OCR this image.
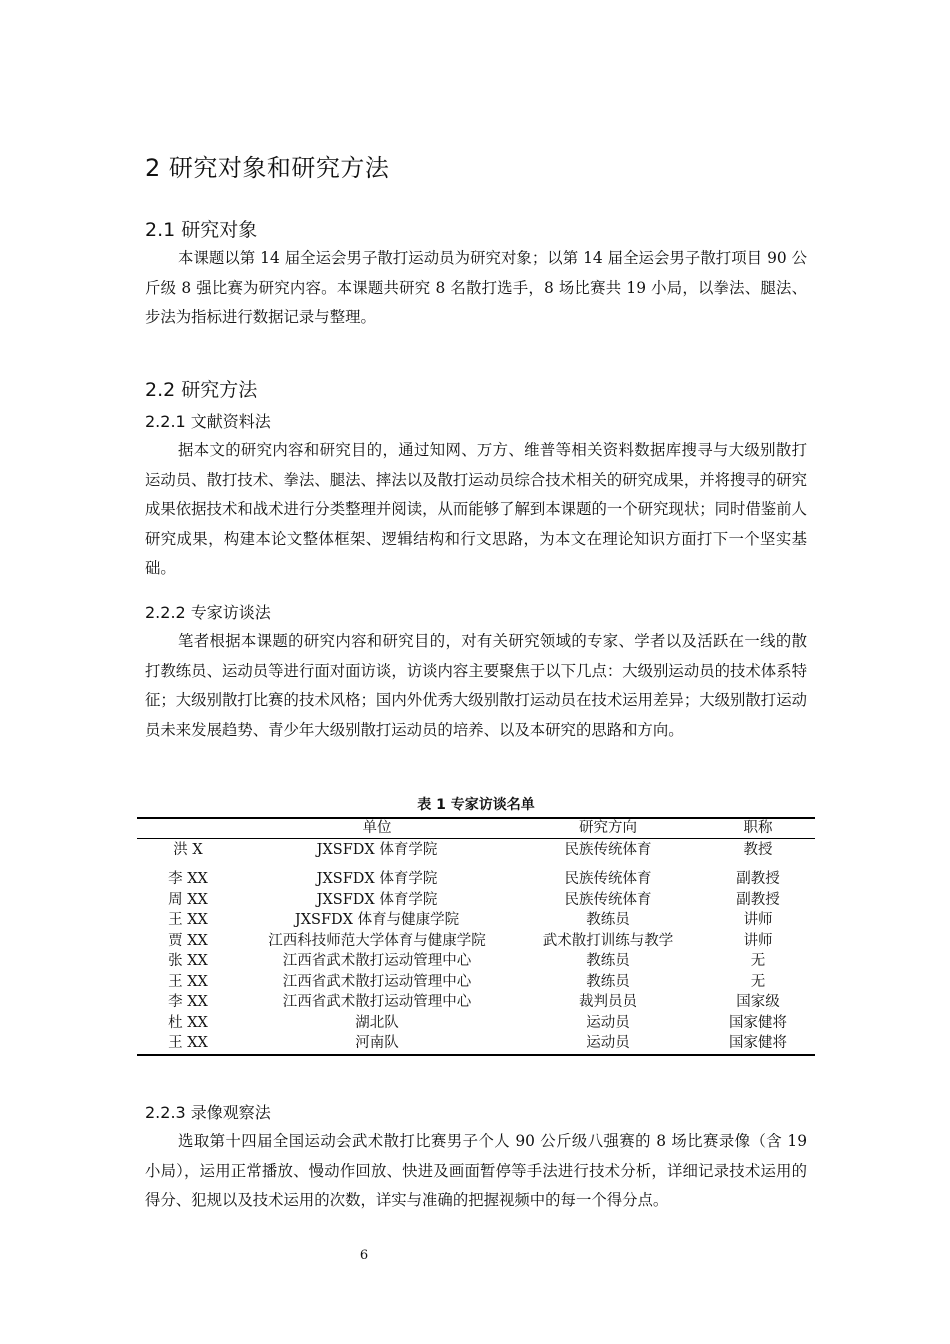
2 研究对象和研究方法
2.1 研究对象

本课题以第 14 届全运会男子散打运动员为研究对象；以第 14 届全运会男子散打项目 90 公斤级 8 强比赛为研究内容。本课题共研究 8 名散打选手，8 场比赛共 19 小局，以拳法、腿法、步法为指标进行数据记录与整理。

2.2 研究方法
2.2.1 文献资料法

据本文的研究内容和研究目的，通过知网、万方、维普等相关资料数据库搜寻与大级别散打运动员、散打技术、拳法、腿法、摔法以及散打运动员综合技术相关的研究成果，并将搜寻的研究成果依据技术和战术进行分类整理并阅读，从而能够了解到本课题的一个研究现状；同时借鉴前人研究成果，构建本论文整体框架、逻辑结构和行文思路，为本文在理论知识方面打下一个坚实基础。

2.2.2 专家访谈法

笔者根据本课题的研究内容和研究目的，对有关研究领域的专家、学者以及活跃在一线的散打教练员、运动员等进行面对面访谈，访谈内容主要聚焦于以下几点：大级别运动员的技术体系特征；大级别散打比赛的技术风格；国内外优秀大级别散打运动员在技术运用差异；大级别散打运动员未来发展趋势、青少年大级别散打运动员的培养、以及本研究的思路和方向。

表 1 专家访谈名单
	单位	研究方向	职称
洪 X	JXSFDX 体育学院	民族传统体育	教授
李 XX	JXSFDX 体育学院	民族传统体育	副教授
周 XX	JXSFDX 体育学院	民族传统体育	副教授
王 XX	JXSFDX 体育与健康学院	教练员	讲师
贾 XX	江西科技师范大学体育与健康学院	武术散打训练与教学	讲师
张 XX	江西省武术散打运动管理中心	教练员	无
王 XX	江西省武术散打运动管理中心	教练员	无
李 XX	江西省武术散打运动管理中心	裁判员员	国家级
杜 XX	湖北队	运动员	国家健将
王 XX	河南队	运动员	国家健将
2.2.3 录像观察法

选取第十四届全国运动会武术散打比赛男子个人 90 公斤级八强赛的 8 场比赛录像（含 19 小局），运用正常播放、慢动作回放、快进及画面暂停等手法进行技术分析，详细记录技术运用的得分、犯规以及技术运用的次数，详实与准确的把握视频中的每一个得分点。

6
